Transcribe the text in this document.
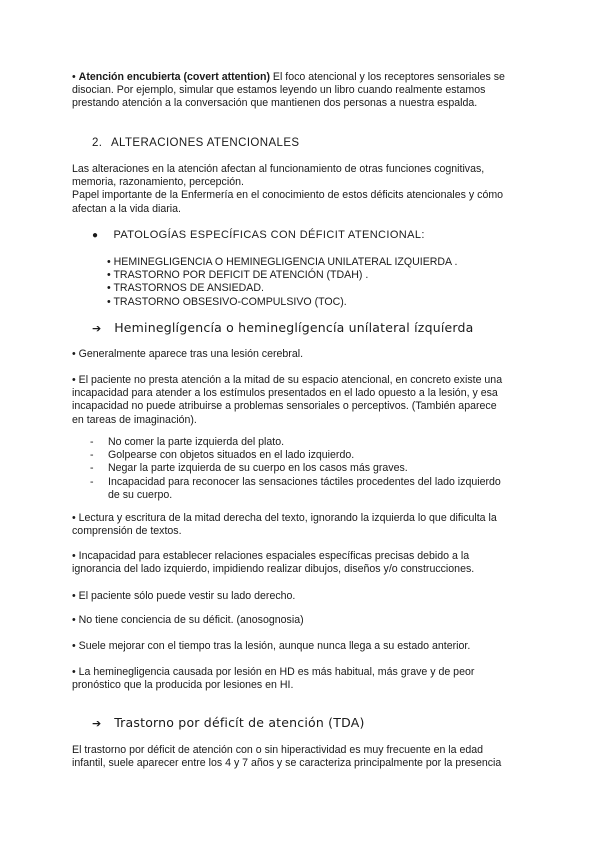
• Atención encubierta (covert attention) El foco atencional y los receptores sensoriales se
disocian. Por ejemplo, simular que estamos leyendo un libro cuando realmente estamos
prestando atención a la conversación que mantienen dos personas a nuestra espalda.
2. ALTERACIONES ATENCIONALES
Las alteraciones en la atención afectan al funcionamiento de otras funciones cognitivas,
memoria, razonamiento, percepción.
Papel importante de la Enfermería en el conocimiento de estos déficits atencionales y cómo
afectan a la vida diaria.
● PATOLOGÍAS ESPECÍFICAS CON DÉFICIT ATENCIONAL:
• HEMINEGLIGENCIA O HEMINEGLIGENCIA UNILATERAL IZQUIERDA .
• TRASTORNO POR DEFICIT DE ATENCIÓN (TDAH) .
• TRASTORNOS DE ANSIEDAD.
• TRASTORNO OBSESIVO-COMPULSIVO (TOC).
➔ Hemineglígencía o hemineglígencía unílateral ízquíerda
• Generalmente aparece tras una lesión cerebral.
• El paciente no presta atención a la mitad de su espacio atencional, en concreto existe una
incapacidad para atender a los estímulos presentados en el lado opuesto a la lesión, y esa
incapacidad no puede atribuirse a problemas sensoriales o perceptivos. (También aparece
en tareas de imaginación).
- No comer la parte izquierda del plato.
- Golpearse con objetos situados en el lado izquierdo.
- Negar la parte izquierda de su cuerpo en los casos más graves.
- Incapacidad para reconocer las sensaciones táctiles procedentes del lado izquierdo
de su cuerpo.
• Lectura y escritura de la mitad derecha del texto, ignorando la izquierda lo que dificulta la
comprensión de textos.
• Incapacidad para establecer relaciones espaciales específicas precisas debido a la
ignorancia del lado izquierdo, impidiendo realizar dibujos, diseños y/o construcciones.
• El paciente sólo puede vestir su lado derecho.
• No tiene conciencia de su déficit. (anosognosia)
• Suele mejorar con el tiempo tras la lesión, aunque nunca llega a su estado anterior.
• La heminegligencia causada por lesión en HD es más habitual, más grave y de peor
pronóstico que la producida por lesiones en HI.
➔ Trastorno por déficít de atención (TDA)
El trastorno por déficit de atención con o sin hiperactividad es muy frecuente en la edad
infantil, suele aparecer entre los 4 y 7 años y se caracteriza principalmente por la presencia
